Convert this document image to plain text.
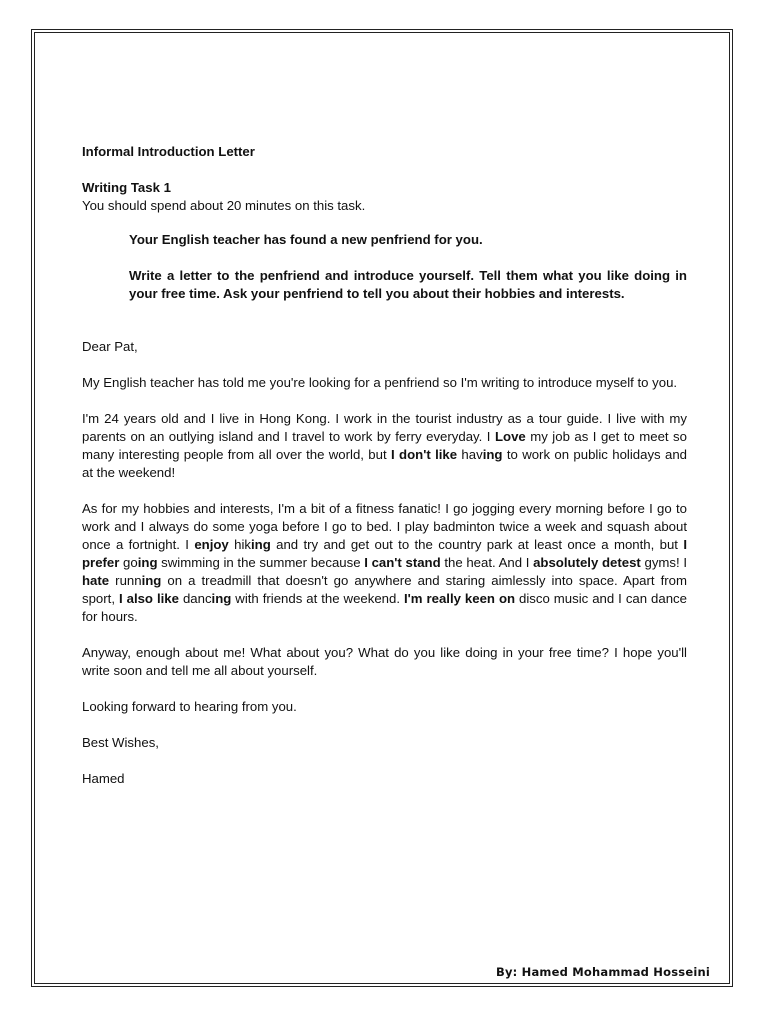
Informal Introduction Letter

Writing Task 1

You should spend about 20 minutes on this task.

Your English teacher has found a new penfriend for you.

Write a letter to the penfriend and introduce yourself. Tell them what you like doing in your free time. Ask your penfriend to tell you about their hobbies and interests.

Dear Pat,

My English teacher has told me you're looking for a penfriend so I'm writing to introduce myself to you.

I'm 24 years old and I live in Hong Kong. I work in the tourist industry as a tour guide. I live with my parents on an outlying island and I travel to work by ferry everyday. I Love my job as I get to meet so many interesting people from all over the world, but I don't like having to work on public holidays and at the weekend!

As for my hobbies and interests, I'm a bit of a fitness fanatic! I go jogging every morning before I go to work and I always do some yoga before I go to bed. I play badminton twice a week and squash about once a fortnight. I enjoy hiking and try and get out to the country park at least once a month, but I prefer going swimming in the summer because I can't stand the heat. And I absolutely detest gyms! I hate running on a treadmill that doesn't go anywhere and staring aimlessly into space. Apart from sport, I also like dancing with friends at the weekend. I'm really keen on disco music and I can dance for hours.

Anyway, enough about me! What about you? What do you like doing in your free time? I hope you'll write soon and tell me all about yourself.

Looking forward to hearing from you.

Best Wishes,

Hamed

By: Hamed Mohammad Hosseini
